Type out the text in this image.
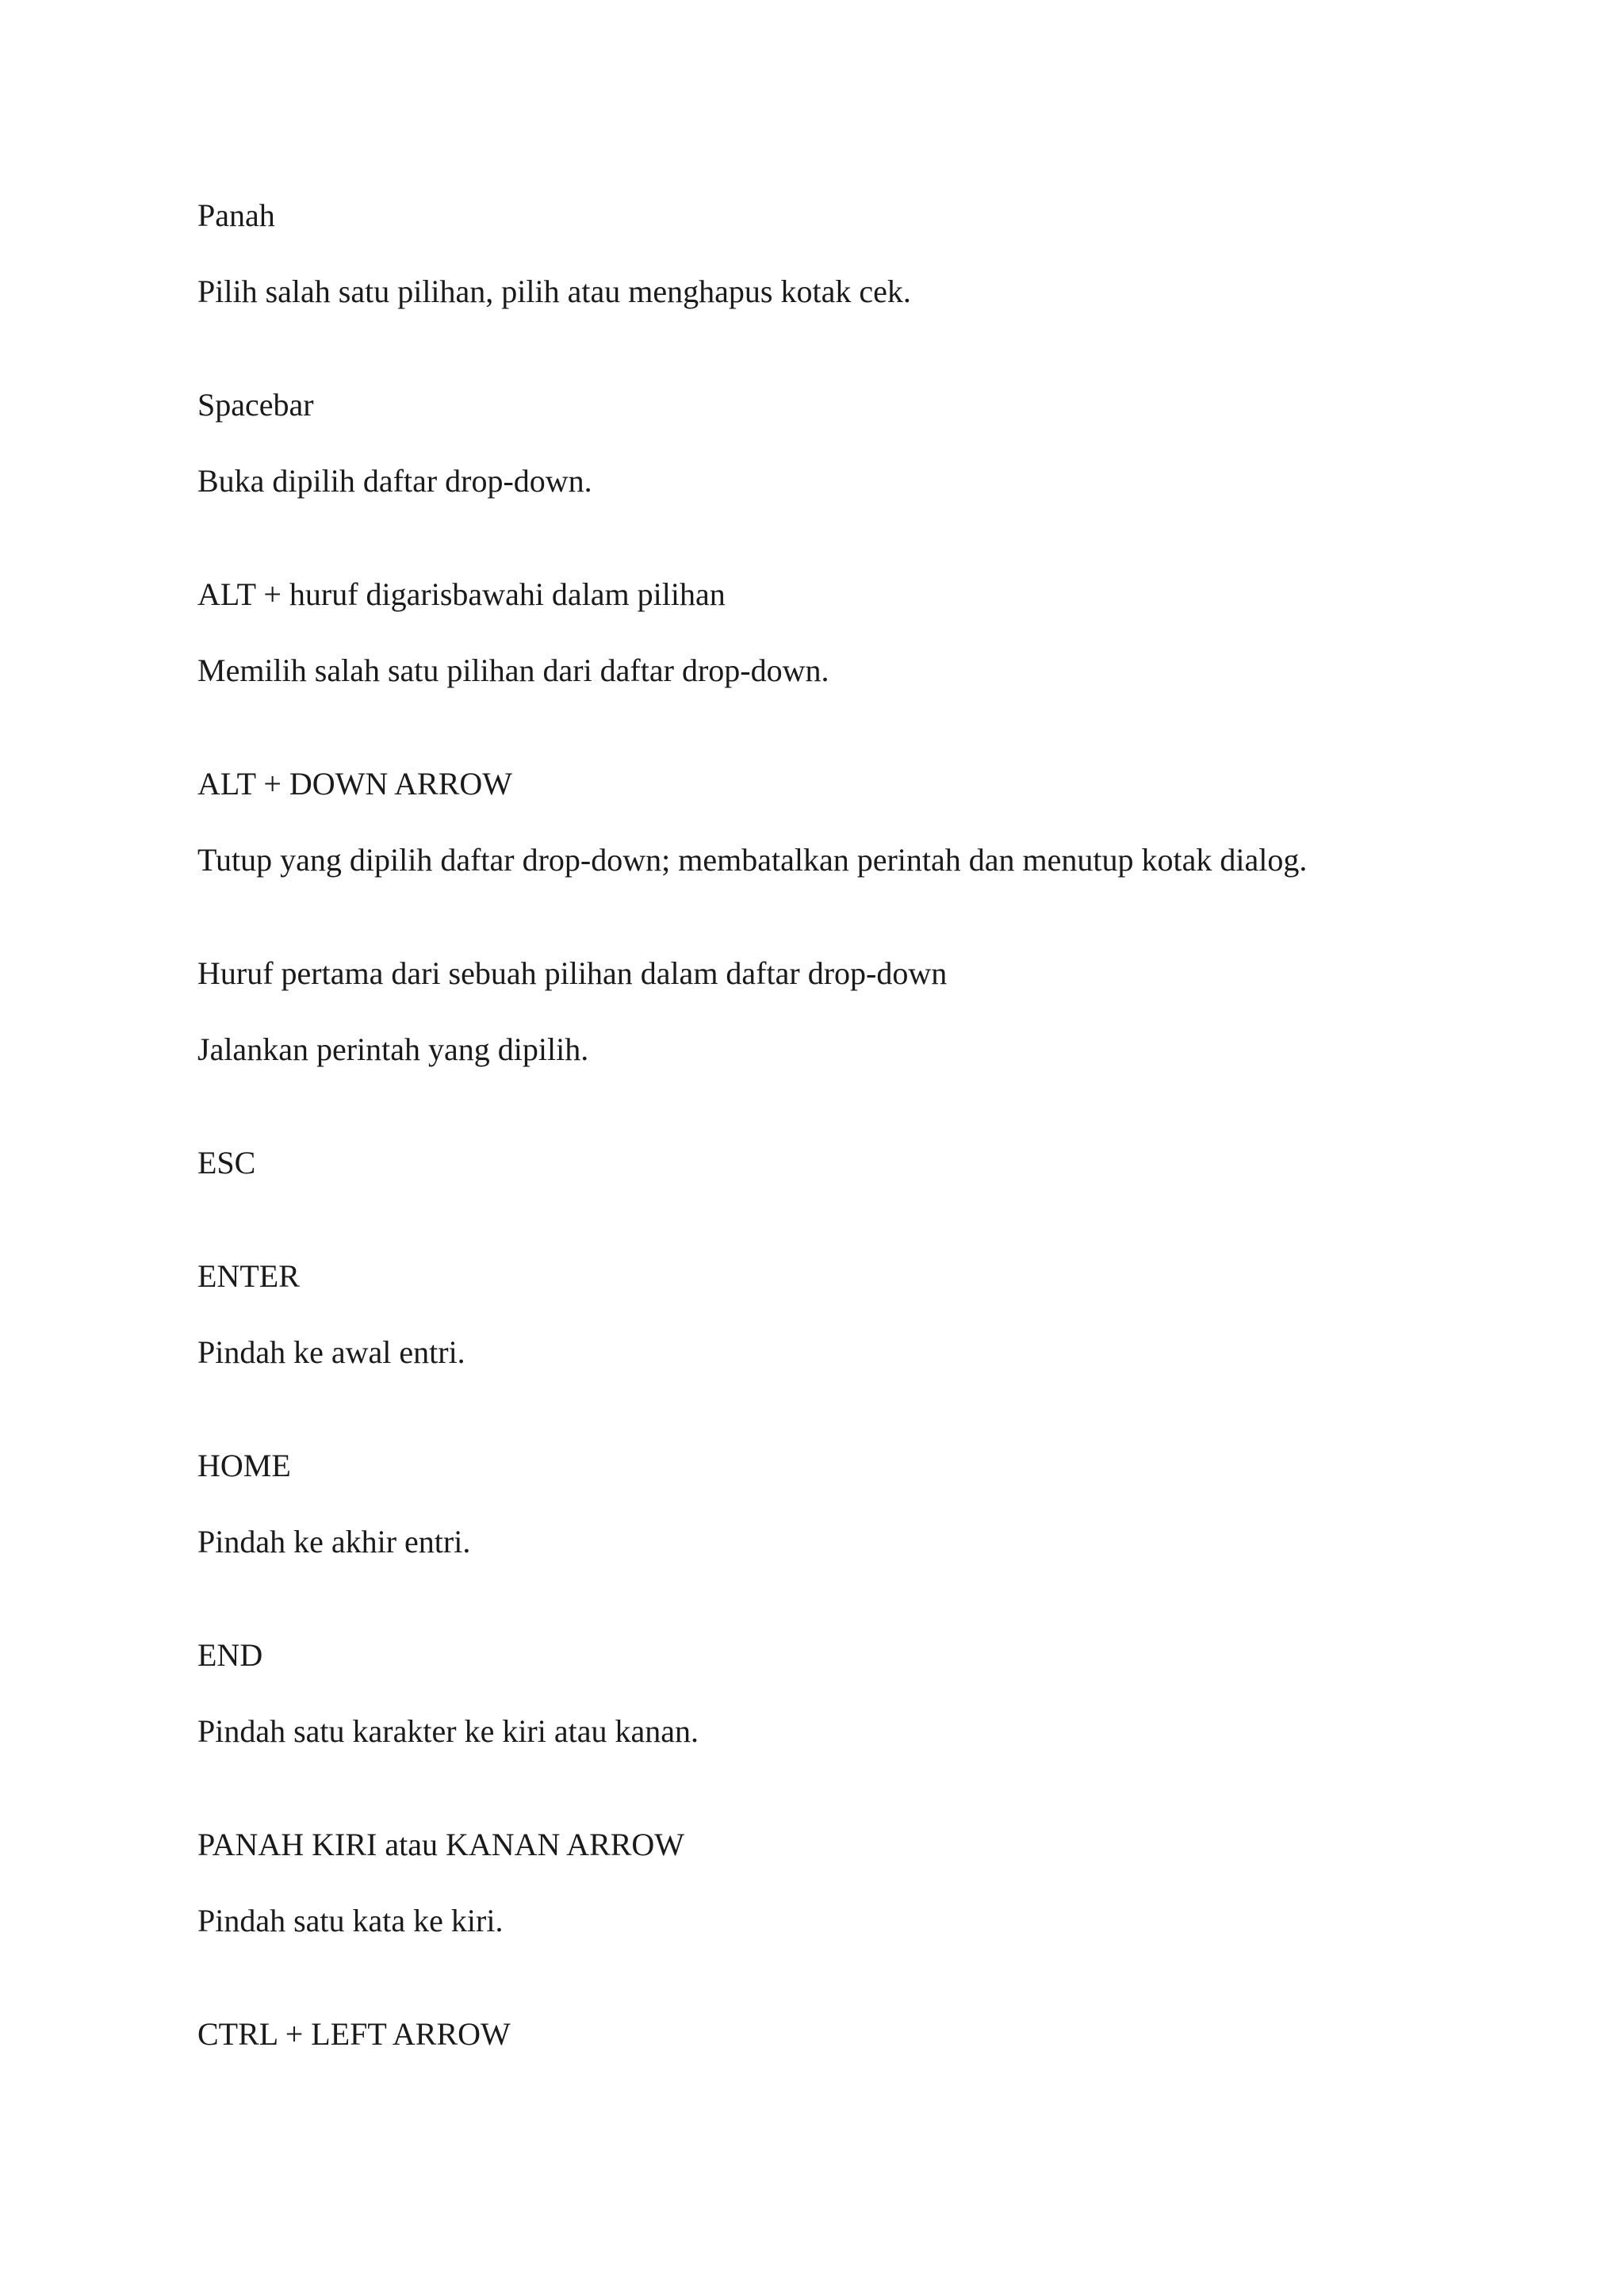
Panah

Pilih salah satu pilihan, pilih atau menghapus kotak cek.

Spacebar

Buka dipilih daftar drop-down.

ALT + huruf digarisbawahi dalam pilihan

Memilih salah satu pilihan dari daftar drop-down.

ALT + DOWN ARROW

Tutup yang dipilih daftar drop-down; membatalkan perintah dan menutup kotak dialog.

Huruf pertama dari sebuah pilihan dalam daftar drop-down

Jalankan perintah yang dipilih.

ESC

ENTER

Pindah ke awal entri.

HOME

Pindah ke akhir entri.

END

Pindah satu karakter ke kiri atau kanan.

PANAH KIRI atau KANAN ARROW

Pindah satu kata ke kiri.

CTRL + LEFT ARROW
